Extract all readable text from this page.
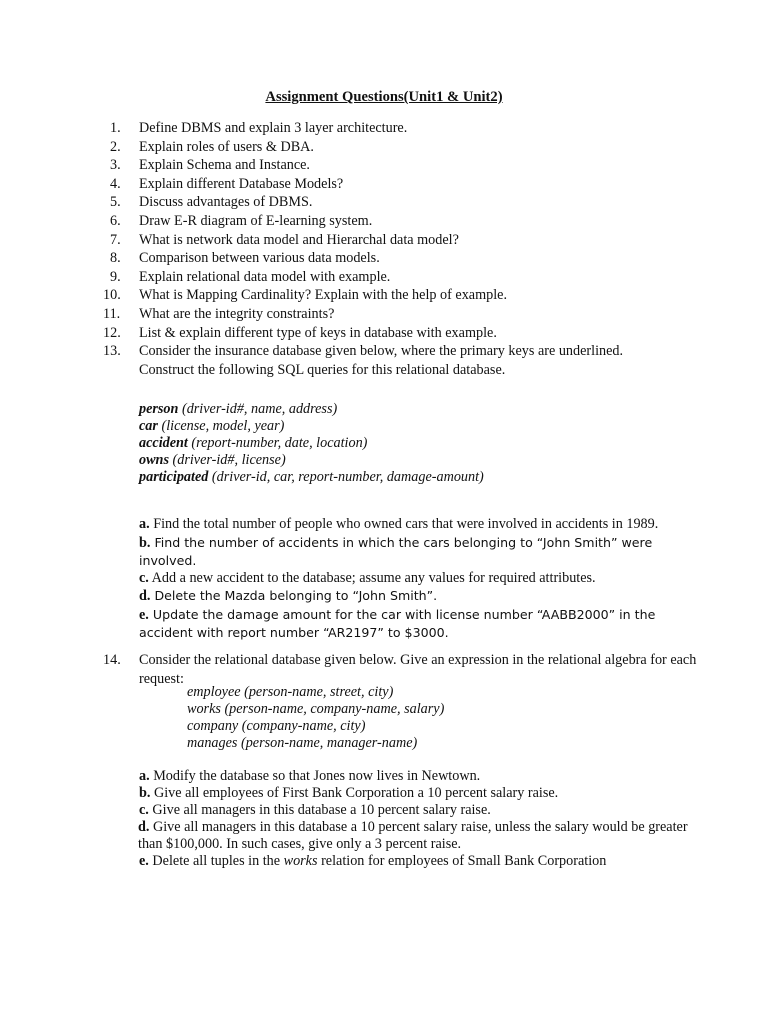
Assignment Questions(Unit1 & Unit2)
1. Define DBMS and explain 3 layer architecture.
2. Explain roles of users & DBA.
3. Explain Schema and Instance.
4. Explain different Database Models?
5. Discuss advantages of DBMS.
6. Draw E-R diagram of E-learning system.
7. What is network data model and Hierarchal data model?
8. Comparison between various data models.
9. Explain relational data model with example.
10. What is Mapping Cardinality? Explain with the help of example.
11. What are the integrity constraints?
12. List & explain different type of keys in database with example.
13. Consider the insurance database given below, where the primary keys are underlined.
Construct the following SQL queries for this relational database.
person (driver-id#, name, address)
car (license, model, year)
accident (report-number, date, location)
owns (driver-id#, license)
participated (driver-id, car, report-number, damage-amount)
a. Find the total number of people who owned cars that were involved in accidents in 1989.
b. Find the number of accidents in which the cars belonging to “John Smith” were involved.
c. Add a new accident to the database; assume any values for required attributes.
d. Delete the Mazda belonging to “John Smith”.
e. Update the damage amount for the car with license number “AABB2000” in the accident with report number “AR2197” to $3000.
14. Consider the relational database given below. Give an expression in the relational algebra for each request:
employee (person-name, street, city)
works (person-name, company-name, salary)
company (company-name, city)
manages (person-name, manager-name)
a. Modify the database so that Jones now lives in Newtown.
b. Give all employees of First Bank Corporation a 10 percent salary raise.
c. Give all managers in this database a 10 percent salary raise.
d. Give all managers in this database a 10 percent salary raise, unless the salary would be greater than $100,000. In such cases, give only a 3 percent raise.
e. Delete all tuples in the works relation for employees of Small Bank Corporation
